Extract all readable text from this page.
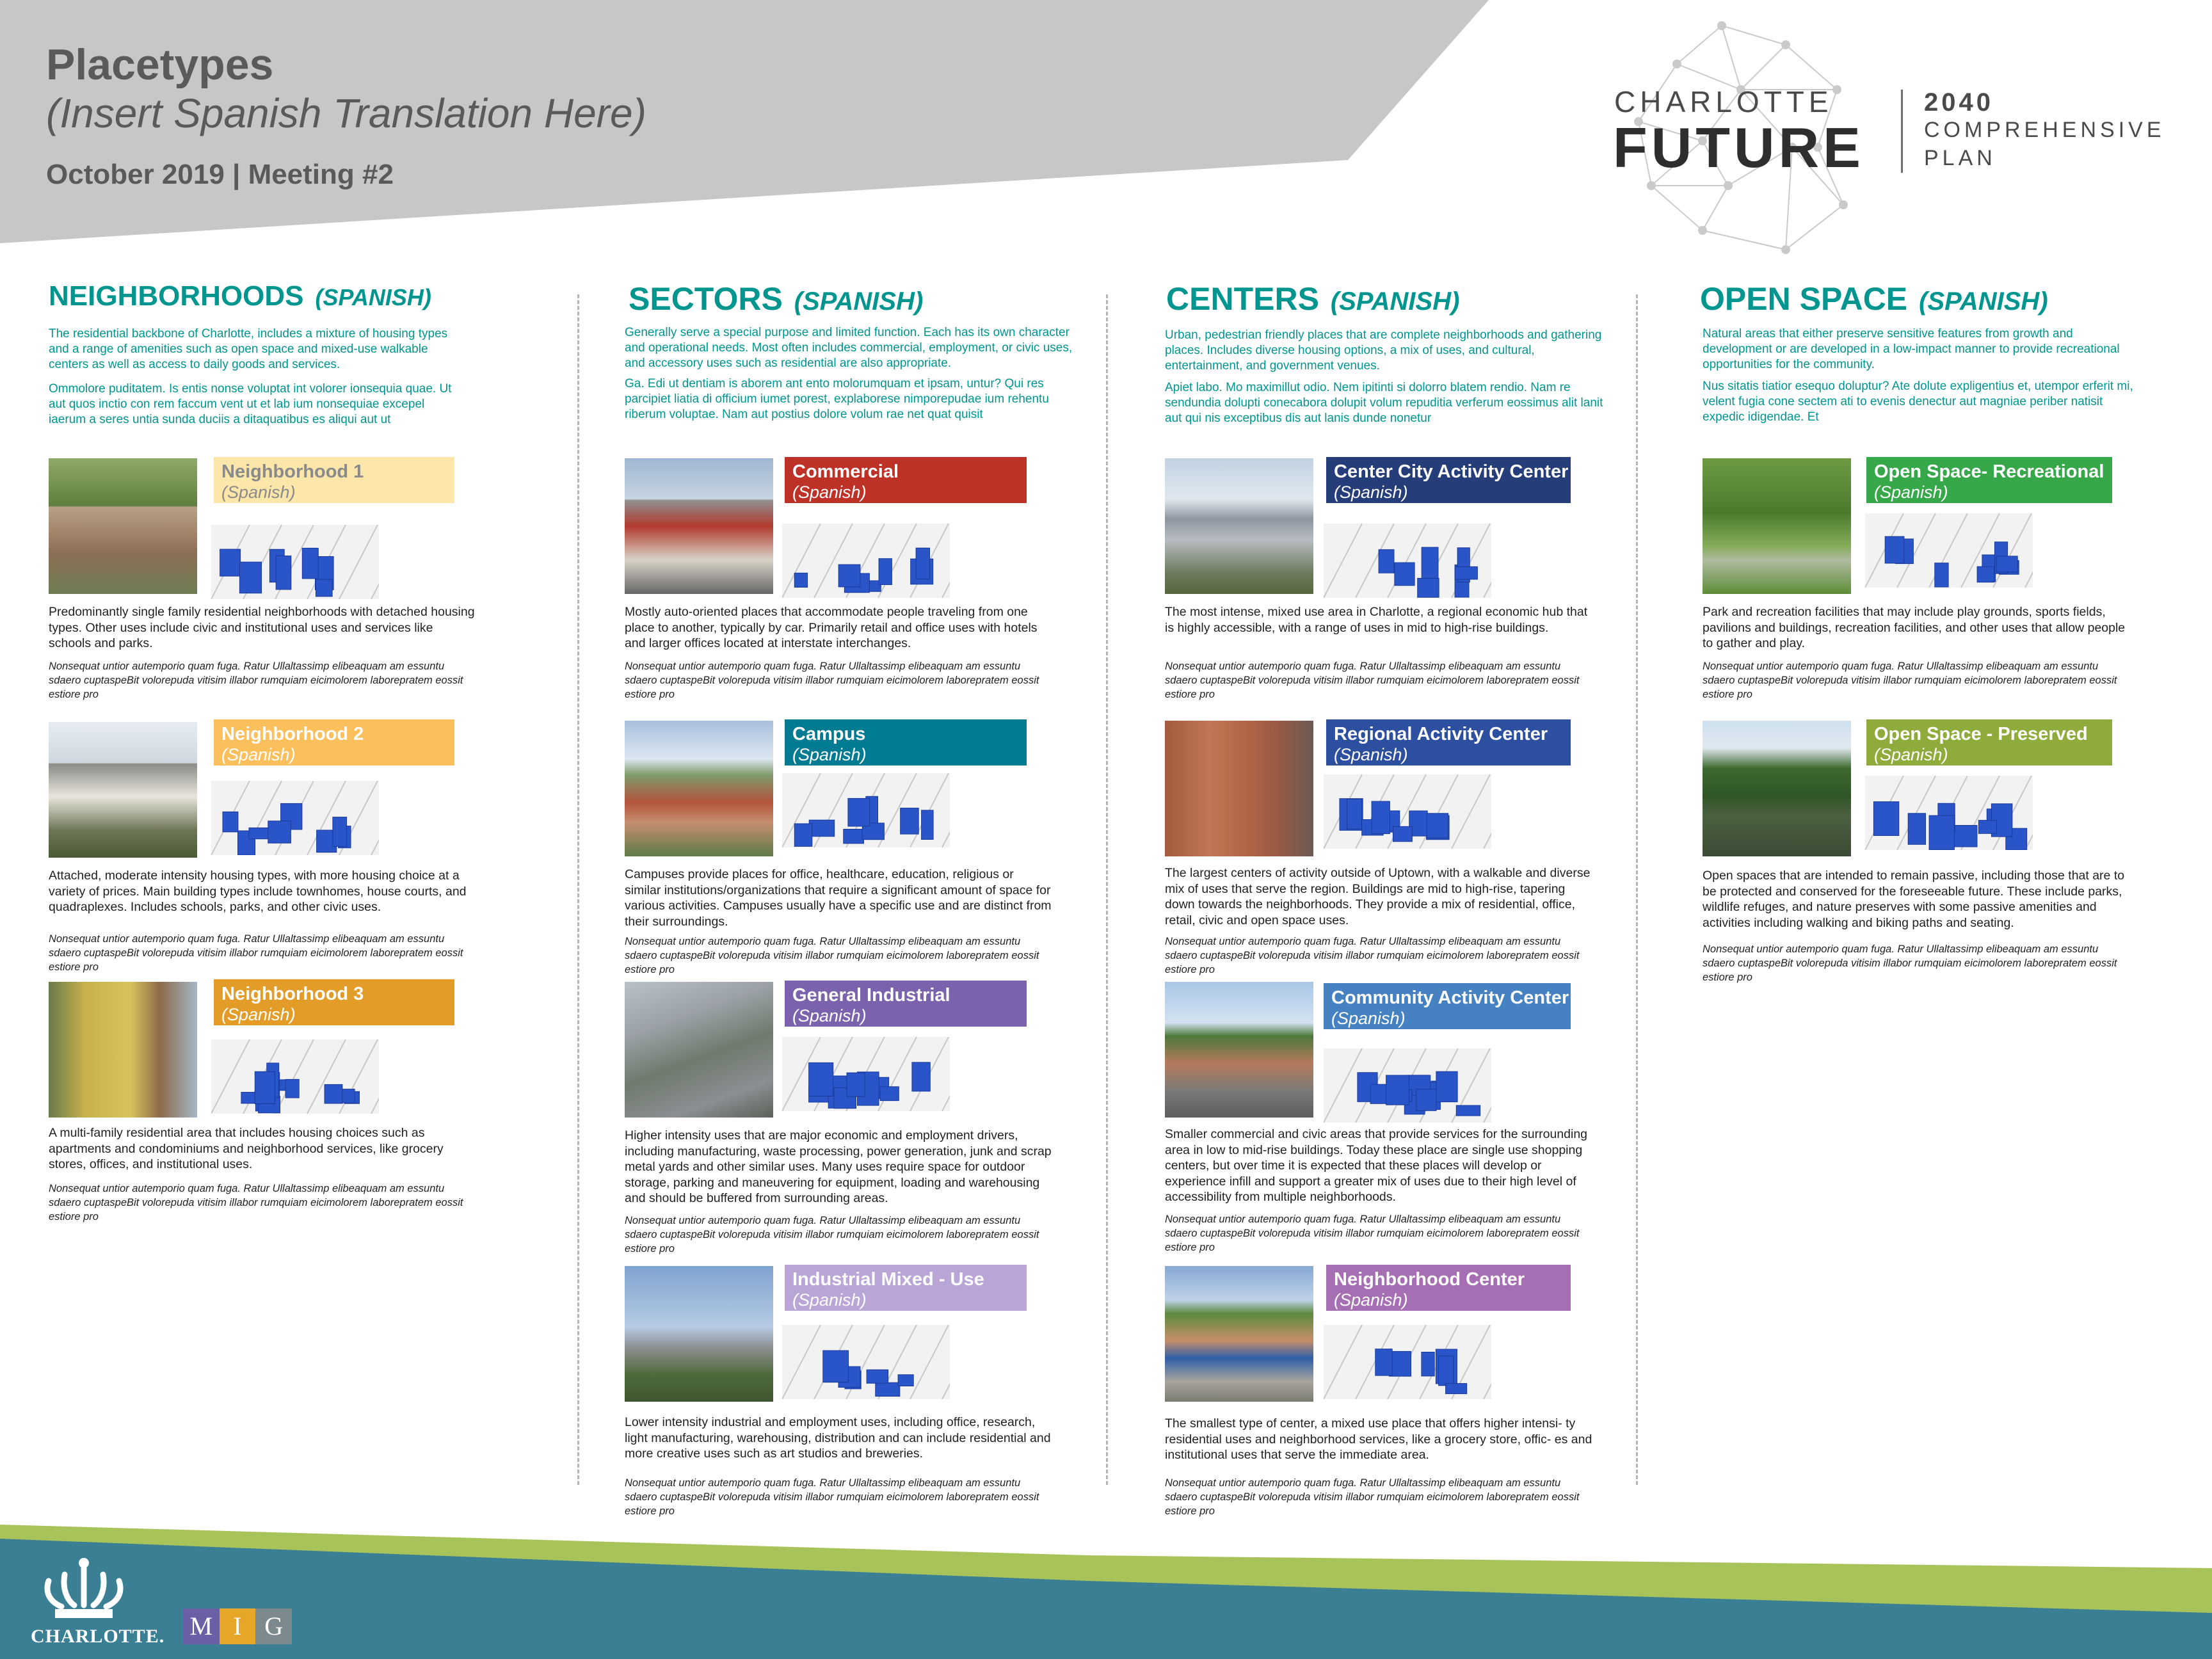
Placetypes
(Insert Spanish Translation Here)
October 2019 | Meeting #2
CHARLOTTE
FUTURE
2040
COMPREHENSIVE
PLAN
NEIGHBORHOODS (SPANISH)

The residential backbone of Charlotte, includes a mixture of housing types and a range of amenities such as open space and mixed-use walkable centers as well as access to daily goods and services.

Ommolore puditatem. Is entis nonse voluptat int volorer ionsequia quae. Ut aut quos inctio con rem faccum vent ut et lab ium nonsequiae excepel iaerum a seres untia sunda duciis a ditaquatibus es aliqui aut ut

Neighborhood 1
(Spanish)
Predominantly single family residential neighborhoods with detached housing types. Other uses include civic and institutional uses and services like schools and parks.
Nonsequat untior autemporio quam fuga. Ratur Ullaltassimp elibeaquam am essuntu sdaero cuptaspeBit volorepuda vitisim illabor rumquiam eicimolorem laborepratem eossit estiore pro
Neighborhood 2
(Spanish)
Attached, moderate intensity housing types, with more housing choice at a variety of prices. Main building types include townhomes, house courts, and quadraplexes. Includes schools, parks, and other civic uses.
Nonsequat untior autemporio quam fuga. Ratur Ullaltassimp elibeaquam am essuntu sdaero cuptaspeBit volorepuda vitisim illabor rumquiam eicimolorem laborepratem eossit estiore pro
Neighborhood 3
(Spanish)
A multi-family residential area that includes housing choices such as apartments and condominiums and neighborhood services, like grocery stores, offices, and institutional uses.
Nonsequat untior autemporio quam fuga. Ratur Ullaltassimp elibeaquam am essuntu sdaero cuptaspeBit volorepuda vitisim illabor rumquiam eicimolorem laborepratem eossit estiore pro
SECTORS (SPANISH)

Generally serve a special purpose and limited function. Each has its own character and operational needs. Most often includes commercial, employment, or civic uses, and accessory uses such as residential are also appropriate.

Ga. Edi ut dentiam is aborem ant ento molorumquam et ipsam, untur? Qui res parcipiet liatia di officium iumet porest, explaborese nimporepudae ium rehentu riberum voluptae. Nam aut postius dolore volum rae net quat quisit

Commercial
(Spanish)
Mostly auto-oriented places that accommodate people traveling from one place to another, typically by car. Primarily retail and office uses with hotels and larger offices located at interstate interchanges.
Nonsequat untior autemporio quam fuga. Ratur Ullaltassimp elibeaquam am essuntu sdaero cuptaspeBit volorepuda vitisim illabor rumquiam eicimolorem laborepratem eossit estiore pro
Campus
(Spanish)
Campuses provide places for office, healthcare, education, religious or similar institutions/organizations that require a significant amount of space for various activities. Campuses usually have a specific use and are distinct from their surroundings.
Nonsequat untior autemporio quam fuga. Ratur Ullaltassimp elibeaquam am essuntu sdaero cuptaspeBit volorepuda vitisim illabor rumquiam eicimolorem laborepratem eossit estiore pro
General Industrial
(Spanish)
Higher intensity uses that are major economic and employment drivers, including manufacturing, waste processing, power generation, junk and scrap metal yards and other similar uses. Many uses require space for outdoor storage, parking and maneuvering for equipment, loading and warehousing and should be buffered from surrounding areas.
Nonsequat untior autemporio quam fuga. Ratur Ullaltassimp elibeaquam am essuntu sdaero cuptaspeBit volorepuda vitisim illabor rumquiam eicimolorem laborepratem eossit estiore pro
Industrial Mixed - Use
(Spanish)
Lower intensity industrial and employment uses, including office, research, light manufacturing, warehousing, distribution and can include residential and more creative uses such as art studios and breweries.
Nonsequat untior autemporio quam fuga. Ratur Ullaltassimp elibeaquam am essuntu sdaero cuptaspeBit volorepuda vitisim illabor rumquiam eicimolorem laborepratem eossit estiore pro
CENTERS (SPANISH)

Urban, pedestrian friendly places that are complete neighborhoods and gathering places. Includes diverse housing options, a mix of uses, and cultural, entertainment, and government venues.

Apiet labo. Mo maximillut odio. Nem ipitinti si dolorro blatem rendio. Nam re sendundia dolupti conecabora dolupit volum repuditia verferum eossimus alit lanit aut qui nis exceptibus dis aut lanis dunde nonetur

Center City Activity Center
(Spanish)
The most intense, mixed use area in Charlotte, a regional economic hub that is highly accessible, with a range of uses in mid to high-rise buildings.
Nonsequat untior autemporio quam fuga. Ratur Ullaltassimp elibeaquam am essuntu sdaero cuptaspeBit volorepuda vitisim illabor rumquiam eicimolorem laborepratem eossit estiore pro
Regional Activity Center
(Spanish)
The largest centers of activity outside of Uptown, with a walkable and diverse mix of uses that serve the region. Buildings are mid to high-rise, tapering down towards the neighborhoods. They provide a mix of residential, office, retail, civic and open space uses.
Nonsequat untior autemporio quam fuga. Ratur Ullaltassimp elibeaquam am essuntu sdaero cuptaspeBit volorepuda vitisim illabor rumquiam eicimolorem laborepratem eossit estiore pro
Community Activity Center
(Spanish)
Smaller commercial and civic areas that provide services for the surrounding area in low to mid-rise buildings. Today these place are single use shopping centers, but over time it is expected that these places will develop or experience infill and support a greater mix of uses due to their high level of accessibility from multiple neighborhoods.
Nonsequat untior autemporio quam fuga. Ratur Ullaltassimp elibeaquam am essuntu sdaero cuptaspeBit volorepuda vitisim illabor rumquiam eicimolorem laborepratem eossit estiore pro
Neighborhood Center
(Spanish)
The smallest type of center, a mixed use place that offers higher intensi- ty residential uses and neighborhood services, like a grocery store, offic- es and institutional uses that serve the immediate area.
Nonsequat untior autemporio quam fuga. Ratur Ullaltassimp elibeaquam am essuntu sdaero cuptaspeBit volorepuda vitisim illabor rumquiam eicimolorem laborepratem eossit estiore pro
OPEN SPACE (SPANISH)

Natural areas that either preserve sensitive features from growth and development or are developed in a low-impact manner to provide recreational opportunities for the community.

Nus sitatis tiatior esequo doluptur? Ate dolute expligentius et, utempor erferit mi, velent fugia cone sectem ati to evenis denectur aut magniae periber natisit expedic idigendae. Et

Open Space- Recreational
(Spanish)
Park and recreation facilities that may include play grounds, sports fields, pavilions and buildings, recreation facilities, and other uses that allow people to gather and play.
Nonsequat untior autemporio quam fuga. Ratur Ullaltassimp elibeaquam am essuntu sdaero cuptaspeBit volorepuda vitisim illabor rumquiam eicimolorem laborepratem eossit estiore pro
Open Space - Preserved
(Spanish)
Open spaces that are intended to remain passive, including those that are to be protected and conserved for the foreseeable future. These include parks, wildlife refuges, and nature preserves with some passive amenities and activities including walking and biking paths and seating.
Nonsequat untior autemporio quam fuga. Ratur Ullaltassimp elibeaquam am essuntu sdaero cuptaspeBit volorepuda vitisim illabor rumquiam eicimolorem laborepratem eossit estiore pro
CHARLOTTE. M I G
